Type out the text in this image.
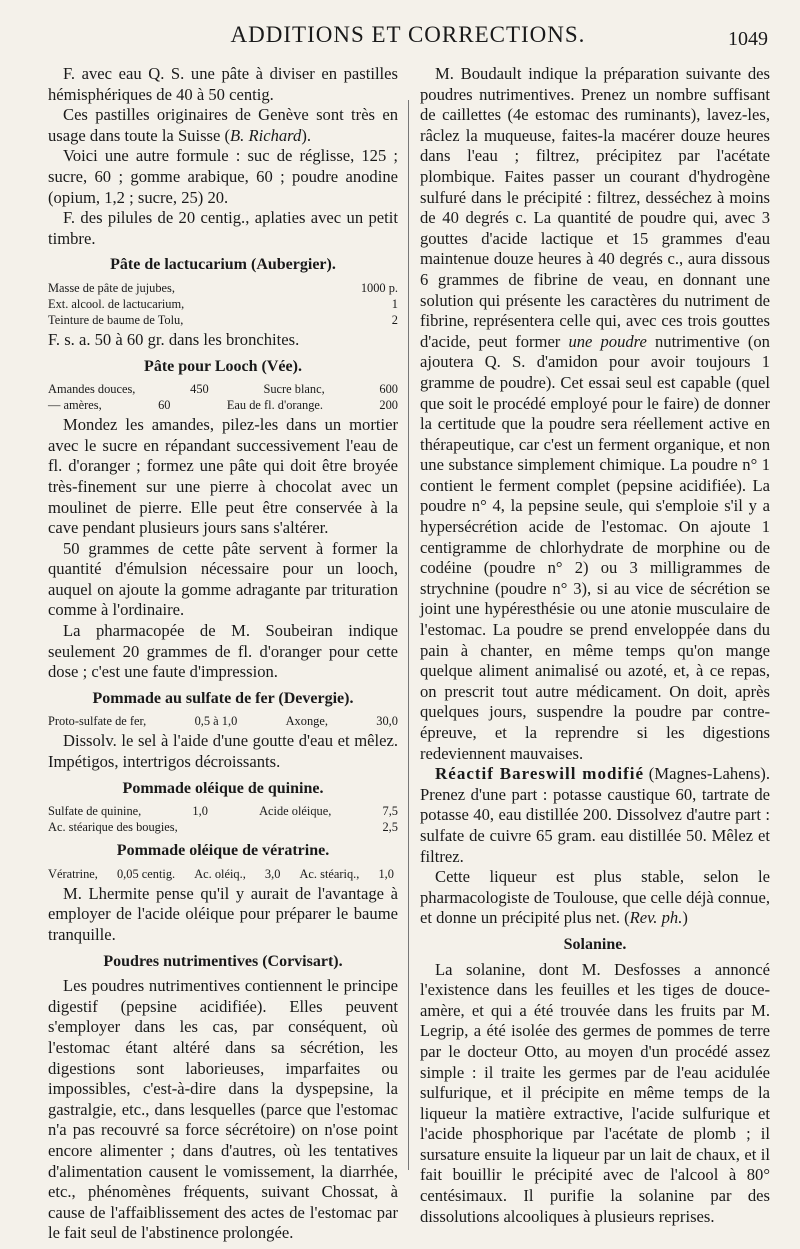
ADDITIONS ET CORRECTIONS.	1049

F. avec eau Q. S. une pâte à diviser en pastilles hémisphériques de 40 à 50 centig.

Ces pastilles originaires de Genève sont très en usage dans toute la Suisse (B. Richard).

Voici une autre formule : suc de réglisse, 125 ; sucre, 60 ; gomme arabique, 60 ; poudre anodine (opium, 1,2 ; sucre, 25) 20.

F. des pilules de 20 centig., aplaties avec un petit timbre.

Pâte de lactucarium (Aubergier).
Masse de pâte de jujubes,	1000 p.
Ext. alcool. de lactucarium,	1
Teinture de baume de Tolu,	2

F. s. a. 50 à 60 gr. dans les bronchites.

Pâte pour Looch (Vée).
Amandes douces,	450	Sucre blanc,	600
— amères,	60	Eau de fl. d'orange.	200

Mondez les amandes, pilez-les dans un mortier avec le sucre en répandant successivement l'eau de fl. d'oranger ; formez une pâte qui doit être broyée très-finement sur une pierre à chocolat avec un moulinet de pierre. Elle peut être conservée à la cave pendant plusieurs jours sans s'altérer.

50 grammes de cette pâte servent à former la quantité d'émulsion nécessaire pour un looch, auquel on ajoute la gomme adragante par trituration comme à l'ordinaire.

La pharmacopée de M. Soubeiran indique seulement 20 grammes de fl. d'oranger pour cette dose ; c'est une faute d'impression.

Pommade au sulfate de fer (Devergie).
Proto-sulfate de fer,	0,5 à 1,0	Axonge,	30,0

Dissolv. le sel à l'aide d'une goutte d'eau et mêlez. Impétigos, intertrigos décroissants.

Pommade oléique de quinine.
Sulfate de quinine,	1,0	Acide oléique,	7,5
Ac. stéarique des bougies,	2,5
Pommade oléique de vératrine.
Vératrine, 0,05 centig. Ac. oléiq., 3,0 Ac. stéariq., 1,0

M. Lhermite pense qu'il y aurait de l'avantage à employer de l'acide oléique pour préparer le baume tranquille.

Poudres nutrimentives (Corvisart).

Les poudres nutrimentives contiennent le principe digestif (pepsine acidifiée). Elles peuvent s'employer dans les cas, par conséquent, où l'estomac étant altéré dans sa sécrétion, les digestions sont laborieuses, imparfaites ou impossibles, c'est-à-dire dans la dyspepsine, la gastralgie, etc., dans lesquelles (parce que l'estomac n'a pas recouvré sa force sécrétoire) on n'ose point encore alimenter ; dans d'autres, où les tentatives d'alimentation causent le vomissement, la diarrhée, etc., phénomènes fréquents, suivant Chossat, à cause de l'affaiblissement des actes de l'estomac par le fait seul de l'abstinence prolongée.

M. Boudault indique la préparation suivante des poudres nutrimentives. Prenez un nombre suffisant de caillettes (4e estomac des ruminants), lavez-les, râclez la muqueuse, faites-la macérer douze heures dans l'eau ; filtrez, précipitez par l'acétate plombique. Faites passer un courant d'hydrogène sulfuré dans le précipité : filtrez, desséchez à moins de 40 degrés c. La quantité de poudre qui, avec 3 gouttes d'acide lactique et 15 grammes d'eau maintenue douze heures à 40 degrés c., aura dissous 6 grammes de fibrine de veau, en donnant une solution qui présente les caractères du nutriment de fibrine, représentera celle qui, avec ces trois gouttes d'acide, peut former une poudre nutrimentive (on ajoutera Q. S. d'amidon pour avoir toujours 1 gramme de poudre). Cet essai seul est capable (quel que soit le procédé employé pour le faire) de donner la certitude que la poudre sera réellement active en thérapeutique, car c'est un ferment organique, et non une substance simplement chimique. La poudre n° 1 contient le ferment complet (pepsine acidifiée). La poudre n° 4, la pepsine seule, qui s'emploie s'il y a hypersécrétion acide de l'estomac. On ajoute 1 centigramme de chlorhydrate de morphine ou de codéine (poudre n° 2) ou 3 milligrammes de strychnine (poudre n° 3), si au vice de sécrétion se joint une hypéresthésie ou une atonie musculaire de l'estomac. La poudre se prend enveloppée dans du pain à chanter, en même temps qu'on mange quelque aliment animalisé ou azoté, et, à ce repas, on prescrit tout autre médicament. On doit, après quelques jours, suspendre la poudre par contre-épreuve, et la reprendre si les digestions redeviennent mauvaises.

Réactif Bareswill modifié (Magnes-Lahens). Prenez d'une part : potasse caustique 60, tartrate de potasse 40, eau distillée 200. Dissolvez d'autre part : sulfate de cuivre 65 gram. eau distillée 50. Mêlez et filtrez.

Cette liqueur est plus stable, selon le pharmacologiste de Toulouse, que celle déjà connue, et donne un précipité plus net. (Rev. ph.)

Solanine.

La solanine, dont M. Desfosses a annoncé l'existence dans les feuilles et les tiges de douce-amère, et qui a été trouvée dans les fruits par M. Legrip, a été isolée des germes de pommes de terre par le docteur Otto, au moyen d'un procédé assez simple : il traite les germes par de l'eau acidulée sulfurique, et il précipite en même temps de la liqueur la matière extractive, l'acide sulfurique et l'acide phosphorique par l'acétate de plomb ; il sursature ensuite la liqueur par un lait de chaux, et il fait bouillir le précipité avec de l'alcool à 80° centésimaux. Il purifie la solanine par des dissolutions alcooliques à plusieurs reprises.
